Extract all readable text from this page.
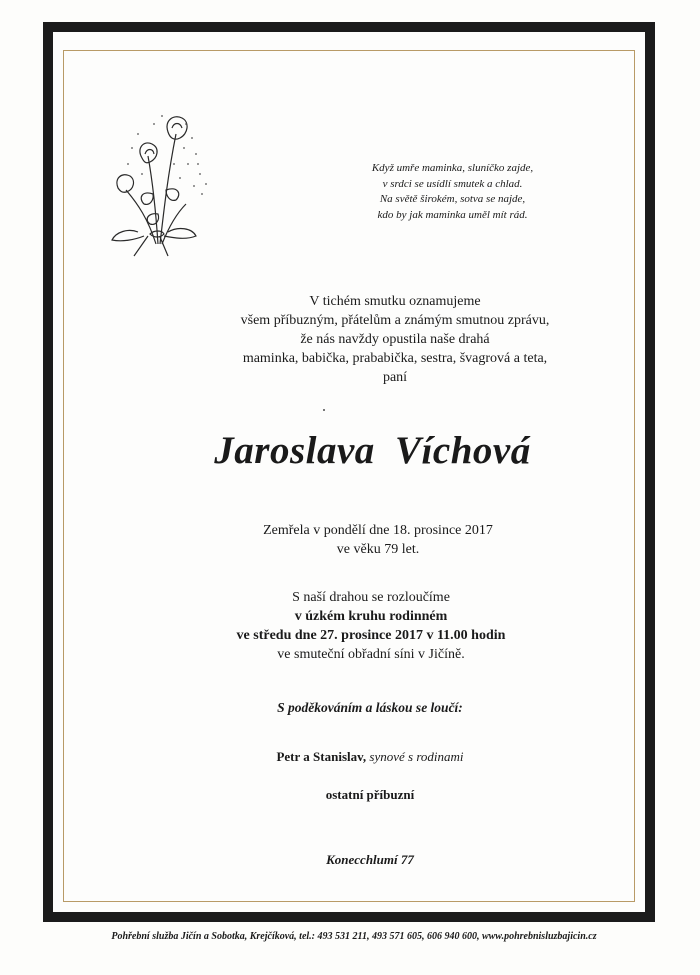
Když umře maminka, sluníčko zajde,
v srdci se usídlí smutek a chlad.
Na světě širokém, sotva se najde,
kdo by jak maminka uměl mít rád.
V tichém smutku oznamujeme
všem příbuzným, přátelům a známým smutnou zprávu,
že nás navždy opustila naše drahá
maminka, babička, prababička, sestra, švagrová a teta,
paní
Jaroslava Víchová
Zemřela v pondělí dne 18. prosince 2017
ve věku 79 let.
S naší drahou se rozloučíme
v úzkém kruhu rodinném
ve středu dne 27. prosince 2017 v 11.00 hodin
ve smuteční obřadní síni v Jičíně.
S poděkováním a láskou se loučí:
Petr a Stanislav, synové s rodinami
ostatní příbuzní
Konecchlumí 77
Pohřební služba Jičín a Sobotka, Krejčíková, tel.: 493 531 211, 493 571 605, 606 940 600, www.pohrebnisluzbajicin.cz
